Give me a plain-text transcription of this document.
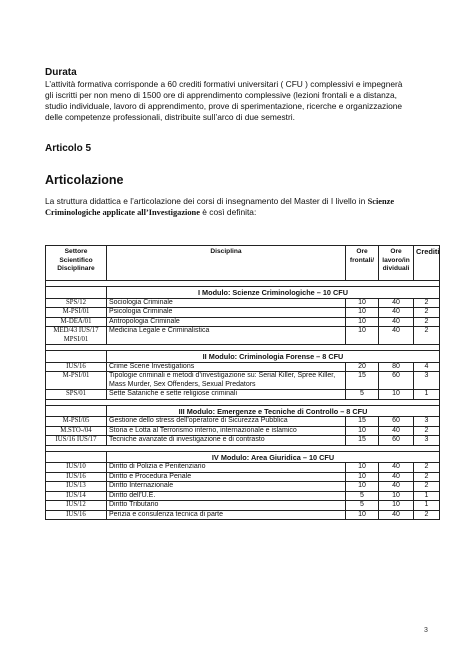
Durata
L’attività formativa corrisponde a 60 crediti formativi universitari ( CFU ) complessivi e impegnerà
gli iscritti per non meno di 1500 ore di apprendimento complessive (lezioni frontali e a distanza,
studio individuale, lavoro di apprendimento, prove di sperimentazione, ricerche e organizzazione
delle competenze professionali, distribuite sull’arco di due semestri.
Articolo 5
Articolazione
La struttura didattica e l’articolazione dei corsi di insegnamento del Master di I livello in Scienze
Criminologiche applicate all’Investigazione è così definita:
Settore Scientifico Disciplinare	Disciplina	Ore frontali/	Ore lavoro/in dividuali	Crediti

	I Modulo: Scienze Criminologiche – 10 CFU			
SPS/12	Sociologia Criminale	10	40	2
M-PSI/01	Psicologia Criminale	10	40	2
M-DEA/01	Antropologia Criminale	10	40	2
MED/43 IUS/17 MPSI/01	Medicina Legale e Criminalistica	10	40	2

	II Modulo: Criminologia Forense – 8 CFU			
IUS/16	Crime Scene Investigations	20	80	4
M-PSI/01	Tipologie criminali e metodi d’investigazione su: Serial Killer, Spree Killer, Mass Murder, Sex Offenders, Sexual Predators	15	60	3
SPS/01	Sette Sataniche e sette religiose criminali	5	10	1

	III Modulo: Emergenze e Tecniche di Controllo – 8 CFU			
M-PSI/05	Gestione dello stress dell’operatore di Sicurezza Pubblica	15	60	3
M.STO-/04	Storia e Lotta al Terrorismo interno, internazionale e islamico	10	40	2
IUS/16 IUS/17	Tecniche avanzate di investigazione e di contrasto	15	60	3

	IV Modulo: Area Giuridica – 10 CFU			
IUS/10	Diritto di Polizia e Penitenziario	10	40	2
IUS/16	Diritto e Procedura Penale	10	40	2
IUS/13	Diritto Internazionale	10	40	2
IUS/14	Diritto dell’U.E.	5	10	1
IUS/12	Diritto Tributario	5	10	1
IUS/16	Perizia e consulenza tecnica di parte	10	40	2
3
